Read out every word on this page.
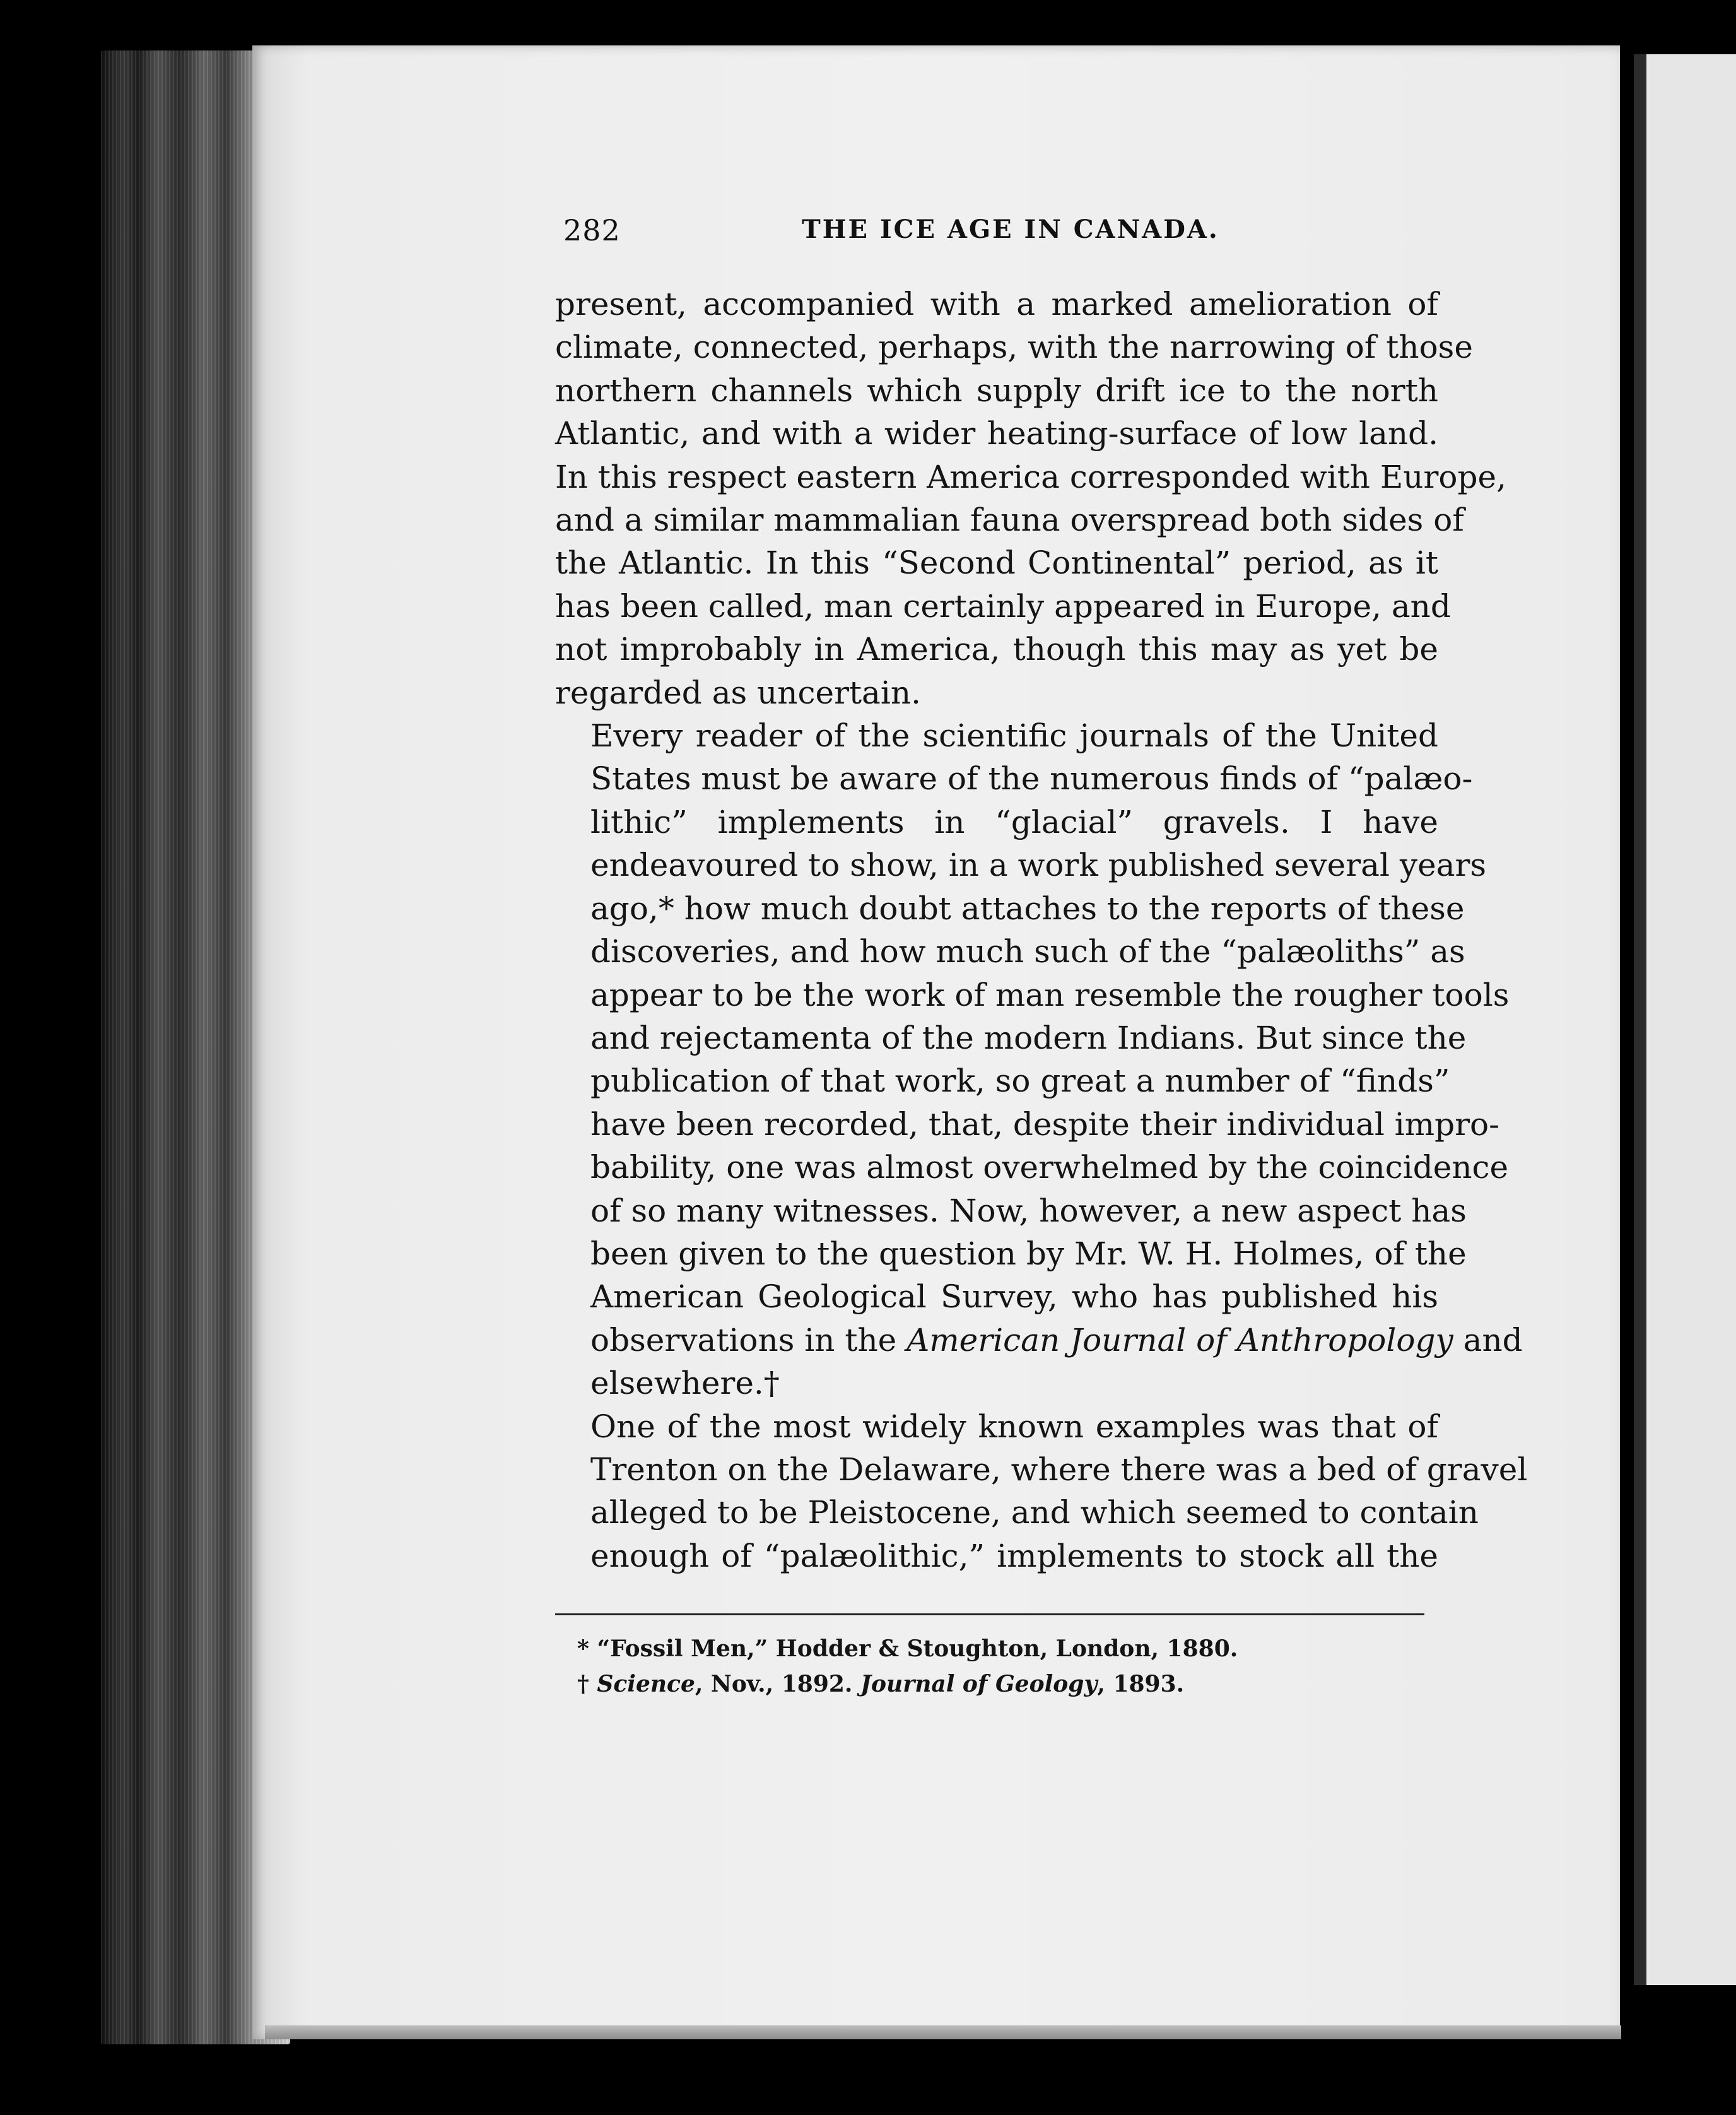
282	THE ICE AGE IN CANADA.

present, accompanied with a marked amelioration of
climate, connected, perhaps, with the narrowing of those
northern channels which supply drift ice to the north
Atlantic, and with a wider heating-surface of low land.
In this respect eastern America corresponded with Europe,
and a similar mammalian fauna overspread both sides of
the Atlantic. In this “Second Continental” period, as it
has been called, man certainly appeared in Europe, and
not improbably in America, though this may as yet be
regarded as uncertain.

Every reader of the scientific journals of the United
States must be aware of the numerous finds of “palæo-
lithic” implements in “glacial” gravels. I have
endeavoured to show, in a work published several years
ago,* how much doubt attaches to the reports of these
discoveries, and how much such of the “palæoliths” as
appear to be the work of man resemble the rougher tools
and rejectamenta of the modern Indians. But since the
publication of that work, so great a number of “finds”
have been recorded, that, despite their individual impro-
bability, one was almost overwhelmed by the coincidence
of so many witnesses. Now, however, a new aspect has
been given to the question by Mr. W. H. Holmes, of the
American Geological Survey, who has published his
observations in the American Journal of Anthropology and
elsewhere.†

One of the most widely known examples was that of
Trenton on the Delaware, where there was a bed of gravel
alleged to be Pleistocene, and which seemed to contain
enough of “palæolithic,” implements to stock all the

* “Fossil Men,” Hodder & Stoughton, London, 1880.
† Science, Nov., 1892. Journal of Geology, 1893.
